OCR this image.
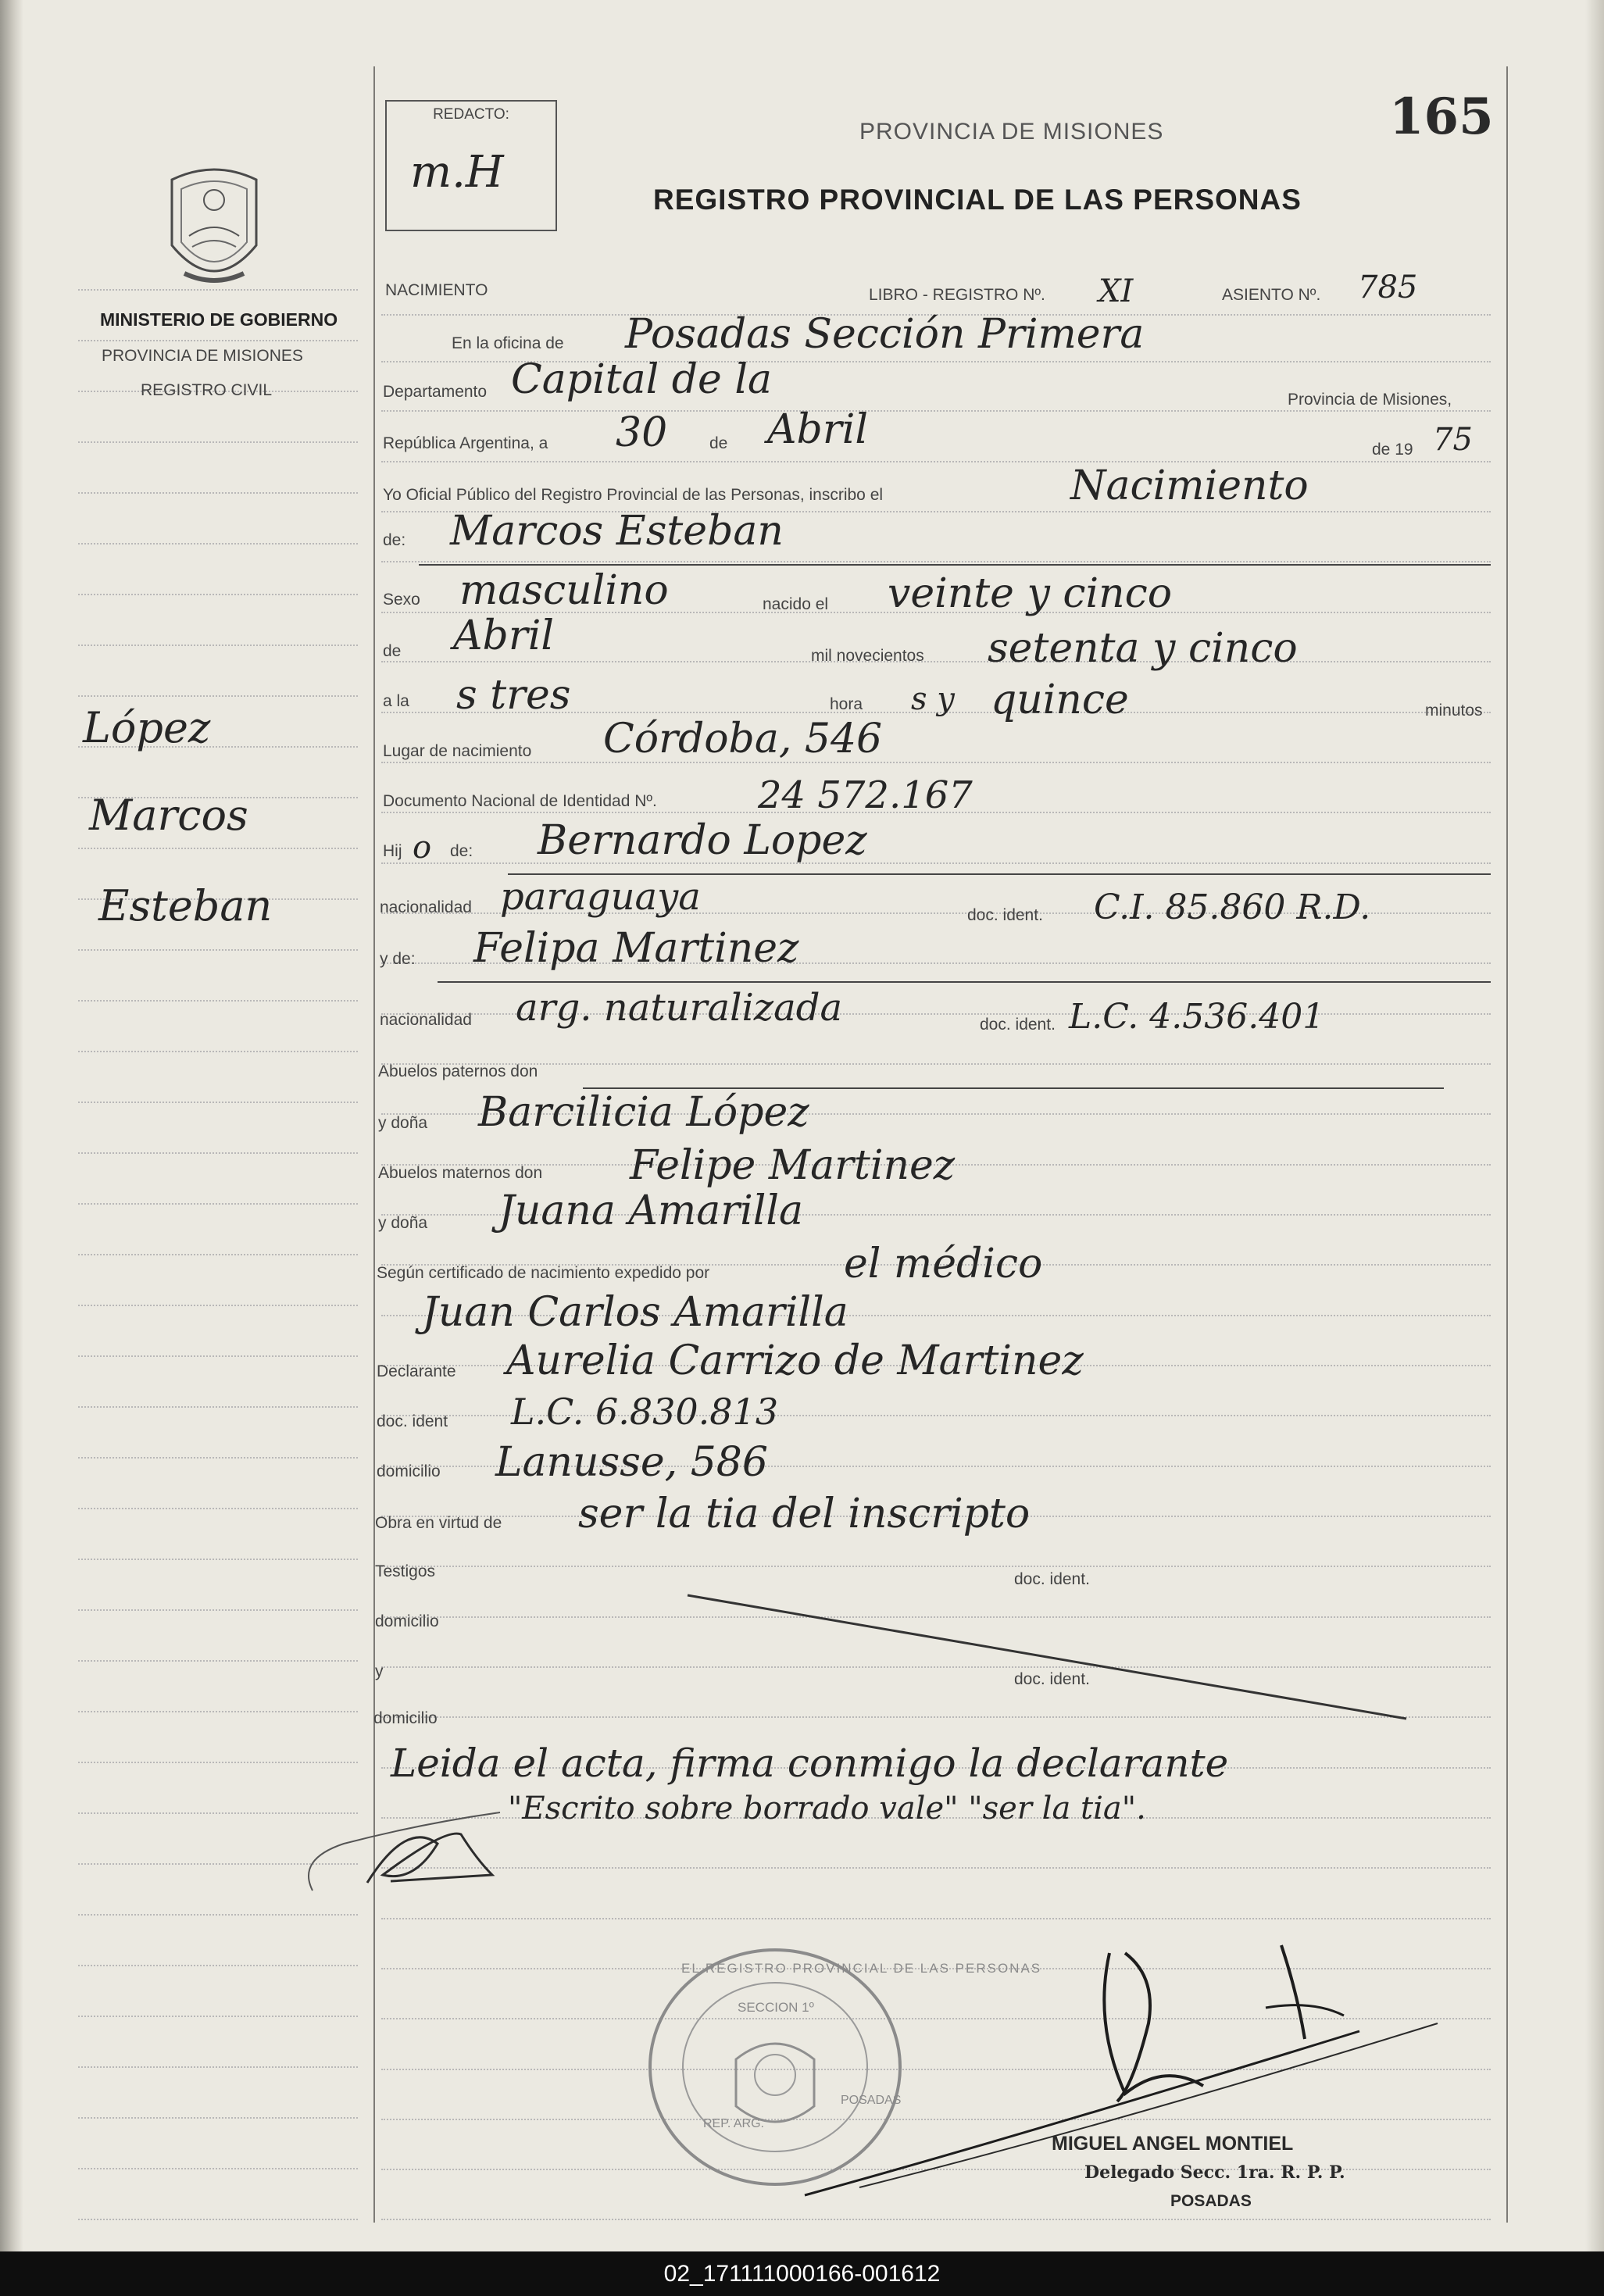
REDACTO:
m.H
PROVINCIA DE MISIONES	165
REGISTRO PROVINCIAL DE LAS PERSONAS
MINISTERIO DE GOBIERNO
PROVINCIA DE MISIONES
REGISTRO CIVIL
López
Marcos
Esteban
NACIMIENTO	LIBRO - REGISTRO Nº. XI	ASIENTO Nº. 785
En la oficina de Posadas Sección Primera
Departamento Capital de la	Provincia de Misiones,
República Argentina, a 30	de Abril	de 19 75
Yo Oficial Público del Registro Provincial de las Personas, inscribo el	Nacimiento
de: Marcos Esteban
Sexo masculino	nacido el veinte y cinco
de Abril	mil novecientos setenta y cinco
a la s tres	hora s y quince	minutos
Lugar de nacimiento Córdoba, 546
Documento Nacional de Identidad Nº.	24 572.167
Hij o de: Bernardo Lopez
nacionalidad paraguaya	doc. ident. C.I. 85.860 R.D.
y de: Felipa Martinez
nacionalidad arg. naturalizada	doc. ident. L.C. 4.536.401
Abuelos paternos don
y doña Barcilicia López
Abuelos maternos don Felipe Martinez
y doña Juana Amarilla
Según certificado de nacimiento expedido por	el médico
Juan Carlos Amarilla
Declarante Aurelia Carrizo de Martinez
doc. ident L.C. 6.830.813
domicilio Lanusse, 586
Obra en virtud de ser la tia del inscripto
Testigos	doc. ident.
domicilio
y	doc. ident.
domicilio
Leida el acta, firma conmigo la declarante
"Escrito sobre borrado vale" "ser la tia".
EL REGISTRO PROVINCIAL DE LAS PERSONAS
SECCION 1º
POSADAS
REP. ARG.
MIGUEL ANGEL MONTIEL
Delegado Secc. 1ra. R. P. P.
POSADAS
02_171111000166-001612
